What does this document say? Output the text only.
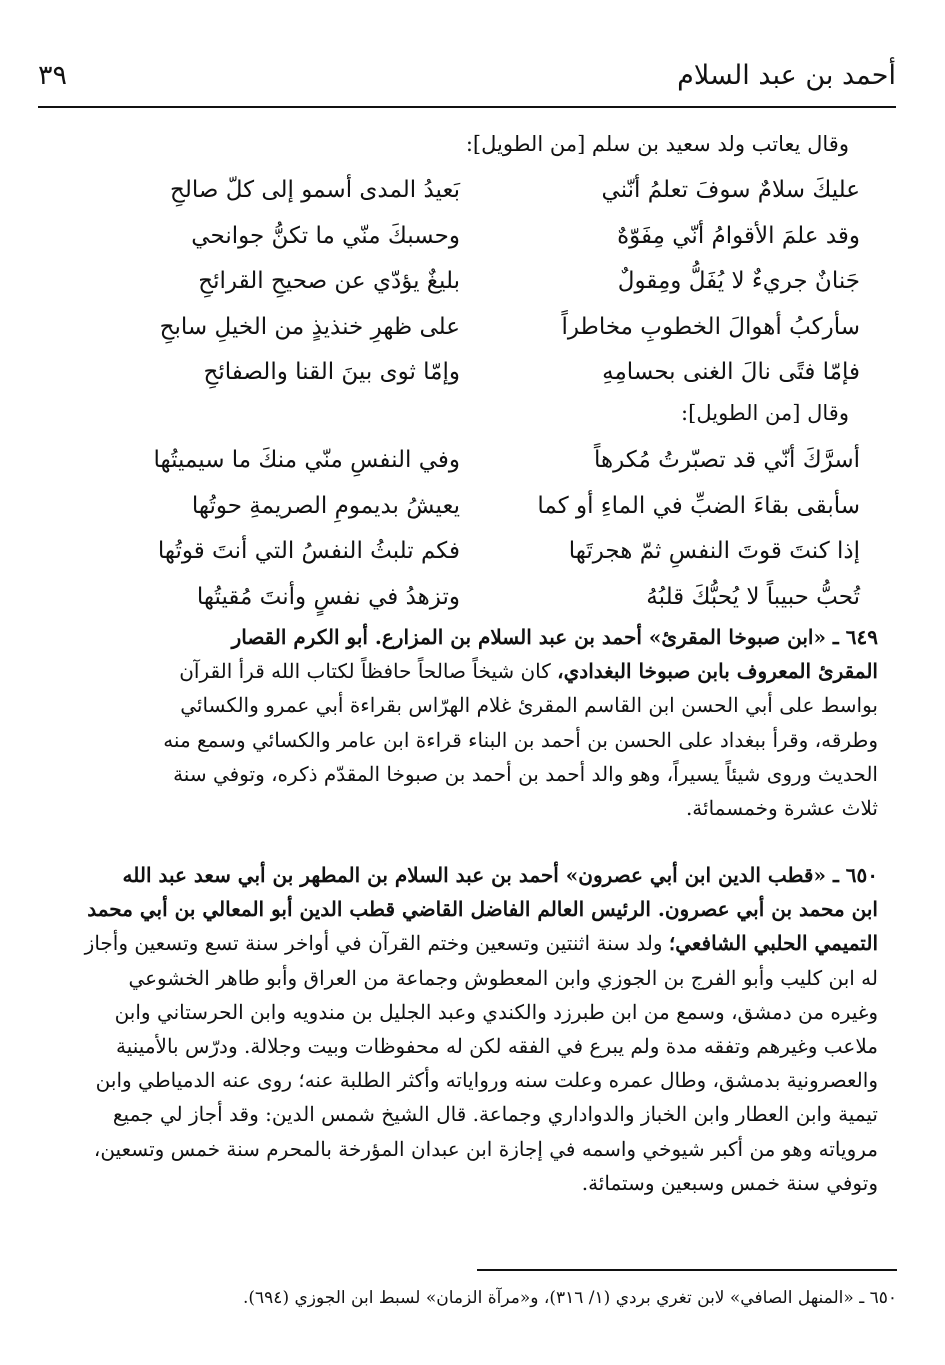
أحمد بن عبد السلام
٣٩
وقال يعاتب ولد سعيد بن سلم [من الطويل]:
عليكَ سلامٌ سوفَ تعلمُ أنّني
بَعيدُ المدى أسمو إلى كلّ صالحِ
وقد علمَ الأقوامُ أنّي مِفَوّهٌ
وحسبكَ منّي ما تكنُّ جوانحي
جَنانٌ جريءٌ لا يُفَلُّ ومِقولٌ
بليغٌ يؤدّي عن صحيحِ القرائحِ
سأركبُ أهوالَ الخطوبِ مخاطراً
على ظهرِ خنذيذٍ من الخيلِ سابحِ
فإمّا فتًى نالَ الغنى بحسامِهِ
وإمّا ثوى بينَ القنا والصفائحِ
وقال [من الطويل]:
أسرَّكَ أنّي قد تصبّرتُ مُكرهاً
وفي النفسِ منّي منكَ ما سيميتُها
سأبقى بقاءَ الضبِّ في الماءِ أو كما
يعيشُ بديمومِ الصريمةِ حوتُها
إذا كنتَ قوتَ النفسِ ثمّ هجرتَها
فكم تلبثُ النفسُ التي أنتَ قوتُها
تُحبُّ حبيباً لا يُحبُّكَ قلبُهُ
وتزهدُ في نفسٍ وأنتَ مُقيتُها
٦٤٩ ـ «ابن صبوخا المقرئ» أحمد بن عبد السلام بن المزارع. أبو الكرم القصار
المقرئ المعروف بابن صبوخا البغدادي، كان شيخاً صالحاً حافظاً لكتاب الله قرأ القرآن
بواسط على أبي الحسن ابن القاسم المقرئ غلام الهرّاس بقراءة أبي عمرو والكسائي
وطرقه، وقرأ ببغداد على الحسن بن أحمد بن البناء قراءة ابن عامر والكسائي وسمع منه
الحديث وروى شيئاً يسيراً، وهو والد أحمد بن أحمد بن صبوخا المقدّم ذكره، وتوفي سنة
ثلاث عشرة وخمسمائة.
٦٥٠ ـ «قطب الدين ابن أبي عصرون» أحمد بن عبد السلام بن المطهر بن أبي سعد عبد الله
ابن محمد بن أبي عصرون. الرئيس العالم الفاضل القاضي قطب الدين أبو المعالي بن أبي محمد
التميمي الحلبي الشافعي؛ ولد سنة اثنتين وتسعين وختم القرآن في أواخر سنة تسع وتسعين وأجاز
له ابن كليب وأبو الفرج بن الجوزي وابن المعطوش وجماعة من العراق وأبو طاهر الخشوعي
وغيره من دمشق، وسمع من ابن طبرزد والكندي وعبد الجليل بن مندويه وابن الحرستاني وابن
ملاعب وغيرهم وتفقه مدة ولم يبرع في الفقه لكن له محفوظات وبيت وجلالة. ودرّس بالأمينية
والعصرونية بدمشق، وطال عمره وعلت سنه ورواياته وأكثر الطلبة عنه؛ روى عنه الدمياطي وابن
تيمية وابن العطار وابن الخباز والدواداري وجماعة. قال الشيخ شمس الدين: وقد أجاز لي جميع
مروياته وهو من أكبر شيوخي واسمه في إجازة ابن عبدان المؤرخة بالمحرم سنة خمس وتسعين،
وتوفي سنة خمس وسبعين وستمائة.
٦٥٠ ـ «المنهل الصافي» لابن تغري بردي (١/ ٣١٦)، و«مرآة الزمان» لسبط ابن الجوزي (٦٩٤).
